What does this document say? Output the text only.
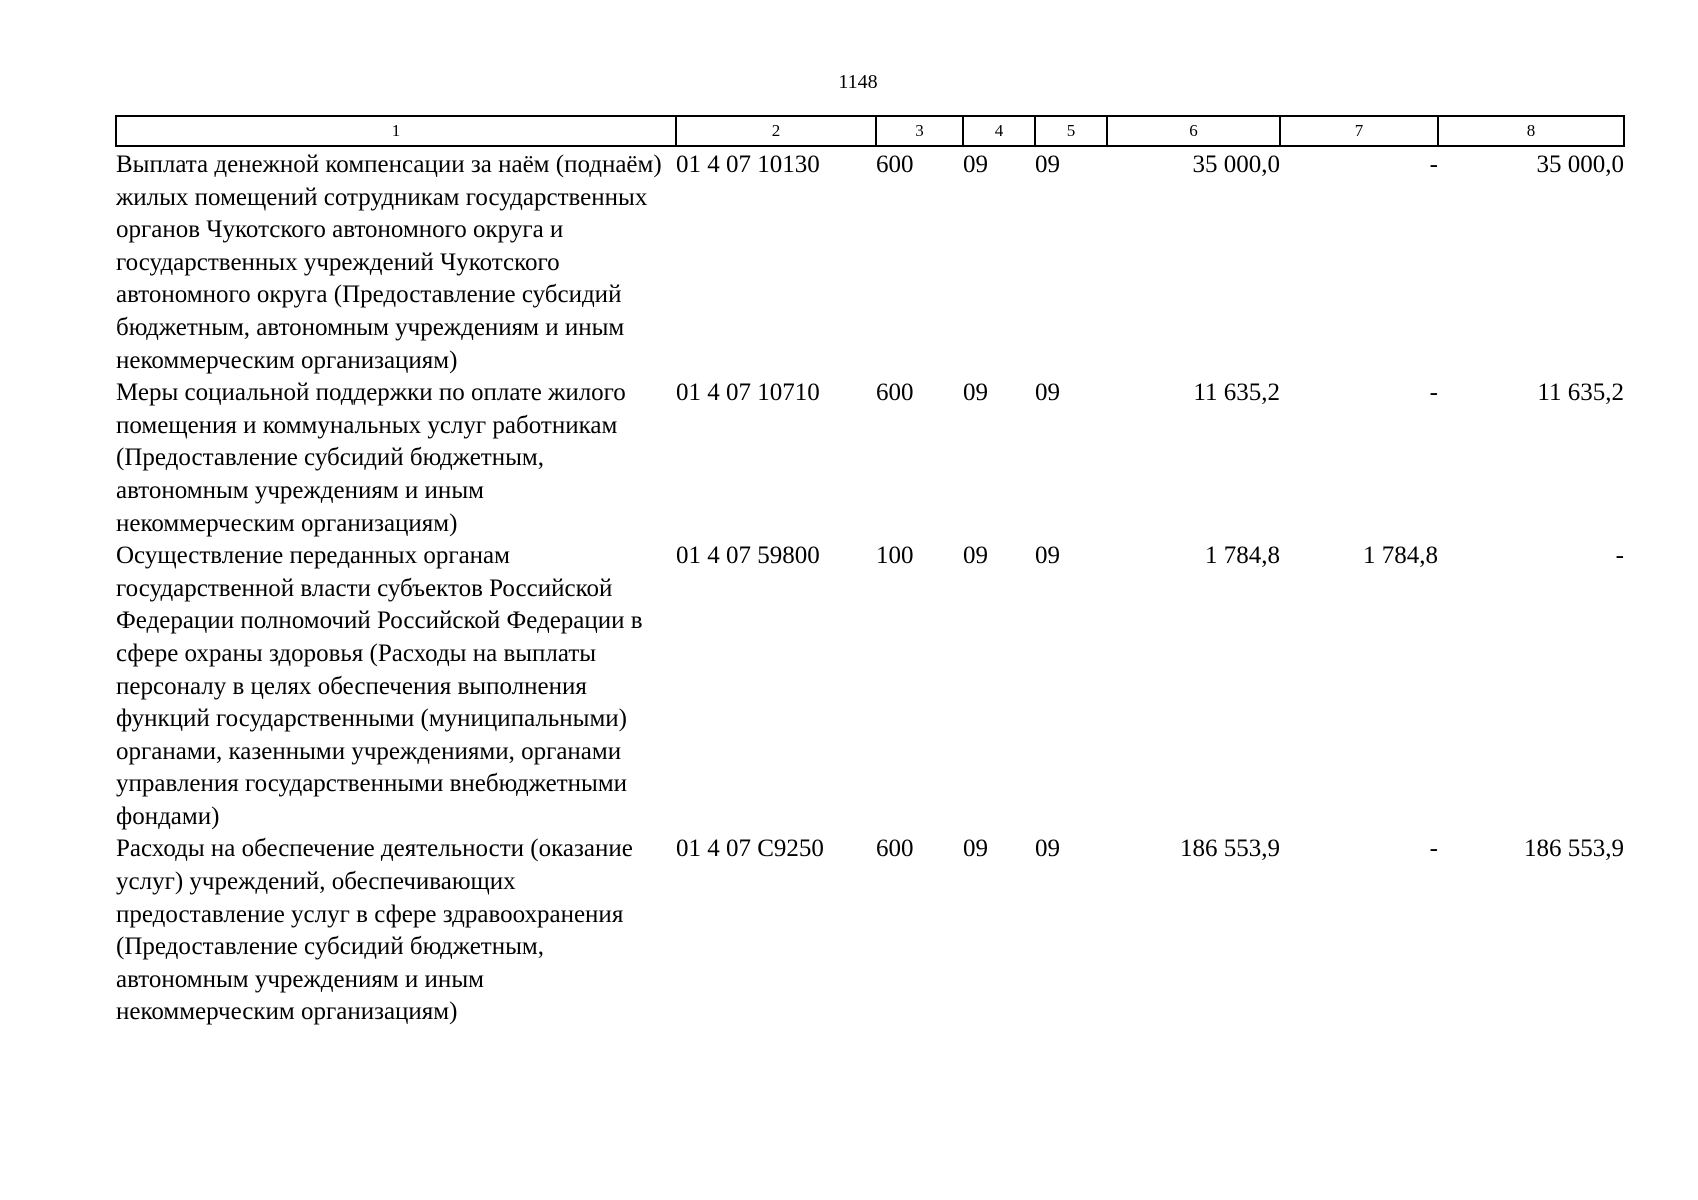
1148
1	2	3	4	5	6	7	8
Выплата денежной компенсации за наём (поднаём) жилых помещений сотрудникам государственных органов Чукотского автономного округа и государственных учреждений Чукотского автономного округа (Предоставление субсидий бюджетным, автономным учреждениям и иным некоммерческим организациям)	01 4 07 10130	600	09	09	35 000,0	-	35 000,0
Меры социальной поддержки по оплате жилого помещения и коммунальных услуг работникам (Предоставление субсидий бюджетным, автономным учреждениям и иным некоммерческим организациям)	01 4 07 10710	600	09	09	11 635,2	-	11 635,2
Осуществление переданных органам государственной власти субъектов Российской Федерации полномочий Российской Федерации в сфере охраны здоровья (Расходы на выплаты персоналу в целях обеспечения выполнения функций государственными (муниципальными) органами, казенными учреждениями, органами управления государственными внебюджетными фондами)	01 4 07 59800	100	09	09	1 784,8	1 784,8	-
Расходы на обеспечение деятельности (оказание услуг) учреждений, обеспечивающих предоставление услуг в сфере здравоохранения (Предоставление субсидий бюджетным, автономным учреждениям и иным некоммерческим организациям)	01 4 07 С9250	600	09	09	186 553,9	-	186 553,9
